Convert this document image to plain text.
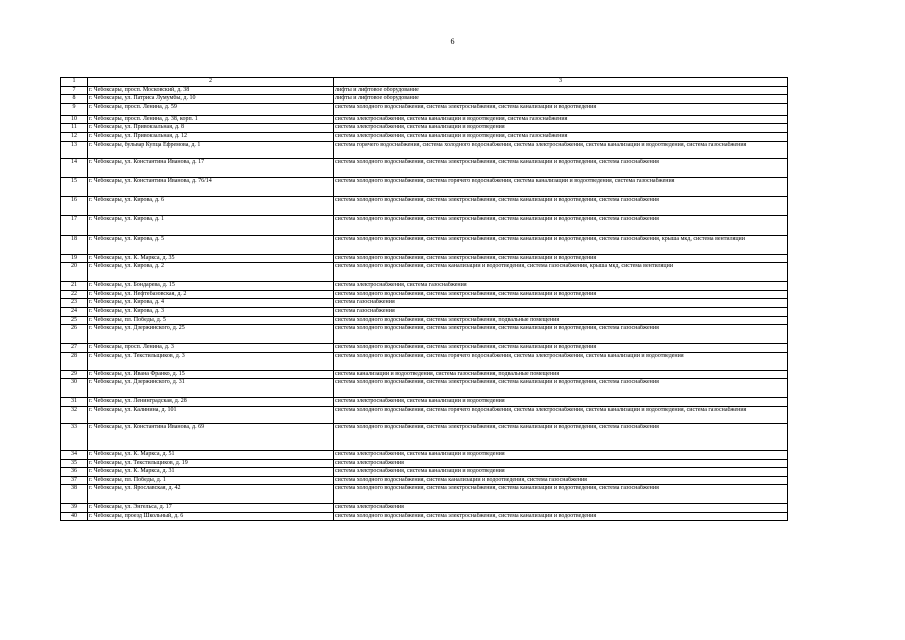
6
1	2	3
7	г. Чебоксары, просп. Московский, д. 38	лифты и лифтовое оборудование
8	г. Чебоксары, ул. Патриса Лумумбы, д. 10	лифты и лифтовое оборудование
9	г. Чебоксары, просп. Ленина, д. 59	система холодного водоснабжения, система электроснабжения, система канализации и водоотведения
10	г. Чебоксары, просп. Ленина, д. 38, корп. 1	система электроснабжения, система канализации и водоотведения, система газоснабжения
11	г. Чебоксары, ул. Привокзальная, д. 8	система электроснабжения, система канализации и водоотведения
12	г. Чебоксары, ул. Привокзальная, д. 12	система электроснабжения, система канализации и водоотведения, система газоснабжения
13	г. Чебоксары, бульвар Купца Ефремова, д. 1	система горячего водоснабжения, система холодного водоснабжения, система электроснабжения, система канализации и водоотведения, система газоснабжения
14	г. Чебоксары, ул. Константина Иванова, д. 17	система холодного водоснабжения, система электроснабжения, система канализации и водоотведения, система газоснабжения
15	г. Чебоксары, ул. Константина Иванова, д. 76/14	система холодного водоснабжения, система горячего водоснабжения, система канализации и водоотведения, система газоснабжения
16	г. Чебоксары, ул. Кирова, д. 6	система холодного водоснабжения, система электроснабжения, система канализации и водоотведения, система газоснабжения
17	г. Чебоксары, ул. Кирова, д. 1	система холодного водоснабжения, система электроснабжения, система канализации и водоотведения, система газоснабжения
18	г. Чебоксары, ул. Кирова, д. 5	система холодного водоснабжения, система электроснабжения, система канализации и водоотведения, система газоснабжения, крыша мкд, система вентиляции
19	г. Чебоксары, ул. К. Маркса, д. 35	система холодного водоснабжения, система электроснабжения, система канализации и водоотведения
20	г. Чебоксары, ул. Кирова, д. 2	система холодного водоснабжения, система канализации и водоотведения, система газоснабжения, крыша мкд, система вентиляции
21	г. Чебоксары, ул. Бондарева, д. 15	система электроснабжения, система газоснабжения
22	г. Чебоксары, ул. Нефтебазовская, д. 2	система холодного водоснабжения, система электроснабжения, система канализации и водоотведения
23	г. Чебоксары, ул. Кирова, д. 4	система газоснабжения
24	г. Чебоксары, ул. Кирова, д. 3	система газоснабжения
25	г. Чебоксары, пл. Победы, д. 5	система холодного водоснабжения, система электроснабжения, подвальные помещения
26	г. Чебоксары, ул. Дзержинского, д. 25	система холодного водоснабжения, система электроснабжения, система канализации и водоотведения, система газоснабжения
27	г. Чебоксары, просп. Ленина, д. 3	система холодного водоснабжения, система электроснабжения, система канализации и водоотведения
28	г. Чебоксары, ул. Текстильщиков, д. 3	система холодного водоснабжения, система горячего водоснабжения, система электроснабжения, система канализации и водоотведения
29	г. Чебоксары, ул. Ивана Франко, д. 15	система канализации и водоотведения, система газоснабжения, подвальные помещения
30	г. Чебоксары, ул. Дзержинского, д. 31	система холодного водоснабжения, система электроснабжения, система канализации и водоотведения, система газоснабжения
31	г. Чебоксары, ул. Ленинградская, д. 28	система электроснабжения, система канализации и водоотведения
32	г. Чебоксары, ул. Калинина, д. 101	система холодного водоснабжения, система горячего водоснабжения, система электроснабжения, система канализации и водоотведения, система газоснабжения
33	г. Чебоксары, ул. Константина Иванова, д. 69	система холодного водоснабжения, система электроснабжения, система канализации и водоотведения, система газоснабжения
34	г. Чебоксары, ул. К. Маркса, д. 51	система электроснабжения, система канализации и водоотведения
35	г. Чебоксары, ул. Текстильщиков, д. 19	система электроснабжения
36	г. Чебоксары, ул. К. Маркса, д. 31	система электроснабжения, система канализации и водоотведения
37	г. Чебоксары, пл. Победы, д. 1	система холодного водоснабжения, система канализации и водоотведения, система газоснабжения
38	г. Чебоксары, ул. Ярославская, д. 42	система холодного водоснабжения, система электроснабжения, система канализации и водоотведения, система газоснабжения
39	г. Чебоксары, ул. Энгельса, д. 17	система электроснабжения
40	г. Чебоксары, проезд Школьный, д. 6	система холодного водоснабжения, система электроснабжения, система канализации и водоотведения
